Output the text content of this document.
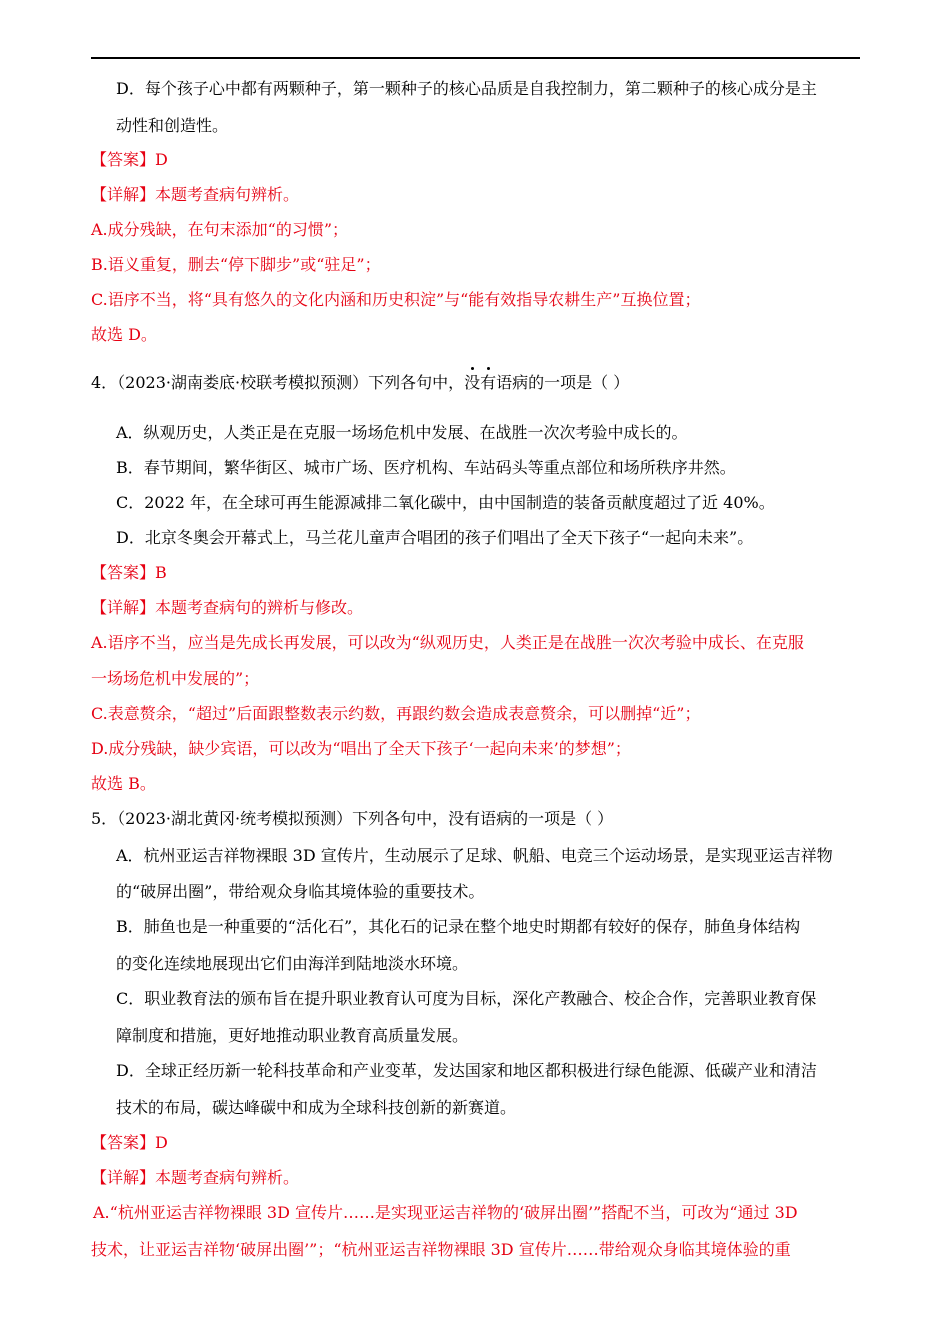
D．每个孩子心中都有两颗种子，第一颗种子的核心品质是自我控制力，第二颗种子的核心成分是主
动性和创造性。
【答案】D
【详解】本题考查病句辨析。
A.成分残缺，在句末添加“的习惯”；
B.语义重复，删去“停下脚步”或“驻足”；
C.语序不当，将“具有悠久的文化内涵和历史积淀”与“能有效指导农耕生产”互换位置；
故选 D。
4．（2023·湖南娄底·校联考模拟预测）下列各句中，没有语病的一项是（ ）
A．纵观历史，人类正是在克服一场场危机中发展、在战胜一次次考验中成长的。
B．春节期间，繁华街区、城市广场、医疗机构、车站码头等重点部位和场所秩序井然。
C．2022 年，在全球可再生能源减排二氧化碳中，由中国制造的装备贡献度超过了近 40%。
D．北京冬奥会开幕式上，马兰花儿童声合唱团的孩子们唱出了全天下孩子“一起向未来”。
【答案】B
【详解】本题考查病句的辨析与修改。
A.语序不当，应当是先成长再发展，可以改为“纵观历史，人类正是在战胜一次次考验中成长、在克服
一场场危机中发展的”；
C.表意赘余，“超过”后面跟整数表示约数，再跟约数会造成表意赘余，可以删掉“近”；
D.成分残缺，缺少宾语，可以改为“唱出了全天下孩子‘一起向未来’的梦想”；
故选 B。
5．（2023·湖北黄冈·统考模拟预测）下列各句中，没有语病的一项是（ ）
A．杭州亚运吉祥物裸眼 3D 宣传片，生动展示了足球、帆船、电竞三个运动场景，是实现亚运吉祥物
的“破屏出圈”，带给观众身临其境体验的重要技术。
B．肺鱼也是一种重要的“活化石”，其化石的记录在整个地史时期都有较好的保存，肺鱼身体结构
的变化连续地展现出它们由海洋到陆地淡水环境。
C．职业教育法的颁布旨在提升职业教育认可度为目标，深化产教融合、校企合作，完善职业教育保
障制度和措施，更好地推动职业教育高质量发展。
D．全球正经历新一轮科技革命和产业变革，发达国家和地区都积极进行绿色能源、低碳产业和清洁
技术的布局，碳达峰碳中和成为全球科技创新的新赛道。
【答案】D
【详解】本题考查病句辨析。
A.“杭州亚运吉祥物裸眼 3D 宣传片……是实现亚运吉祥物的‘破屏出圈’”搭配不当，可改为“通过 3D
技术，让亚运吉祥物‘破屏出圈’”；“杭州亚运吉祥物裸眼 3D 宣传片……带给观众身临其境体验的重
